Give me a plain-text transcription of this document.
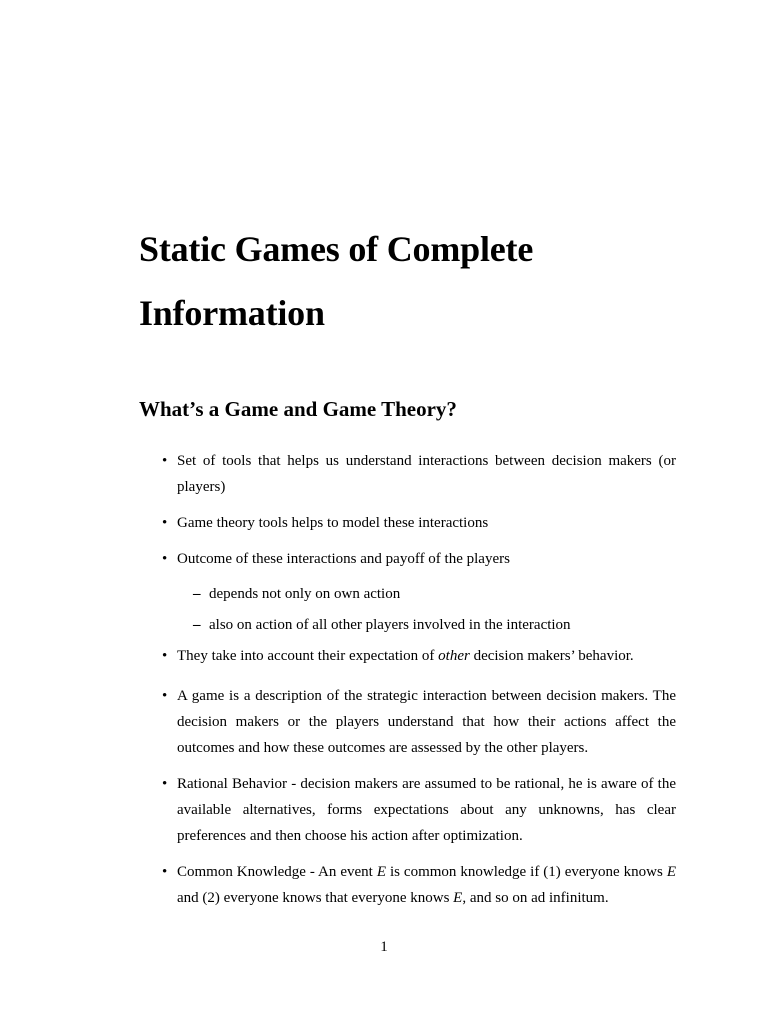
Static Games of Complete Information
What’s a Game and Game Theory?
• Set of tools that helps us understand interactions between decision makers (or players)
• Game theory tools helps to model these interactions
• Outcome of these interactions and payoff of the players
– depends not only on own action
– also on action of all other players involved in the interaction
• They take into account their expectation of other decision makers’ behavior.
• A game is a description of the strategic interaction between decision makers. The decision makers or the players understand that how their actions affect the outcomes and how these outcomes are assessed by the other players.
• Rational Behavior - decision makers are assumed to be rational, he is aware of the available alternatives, forms expectations about any unknowns, has clear preferences and then choose his action after optimization.
• Common Knowledge - An event E is common knowledge if (1) everyone knows E and (2) everyone knows that everyone knows E, and so on ad infinitum.
1
